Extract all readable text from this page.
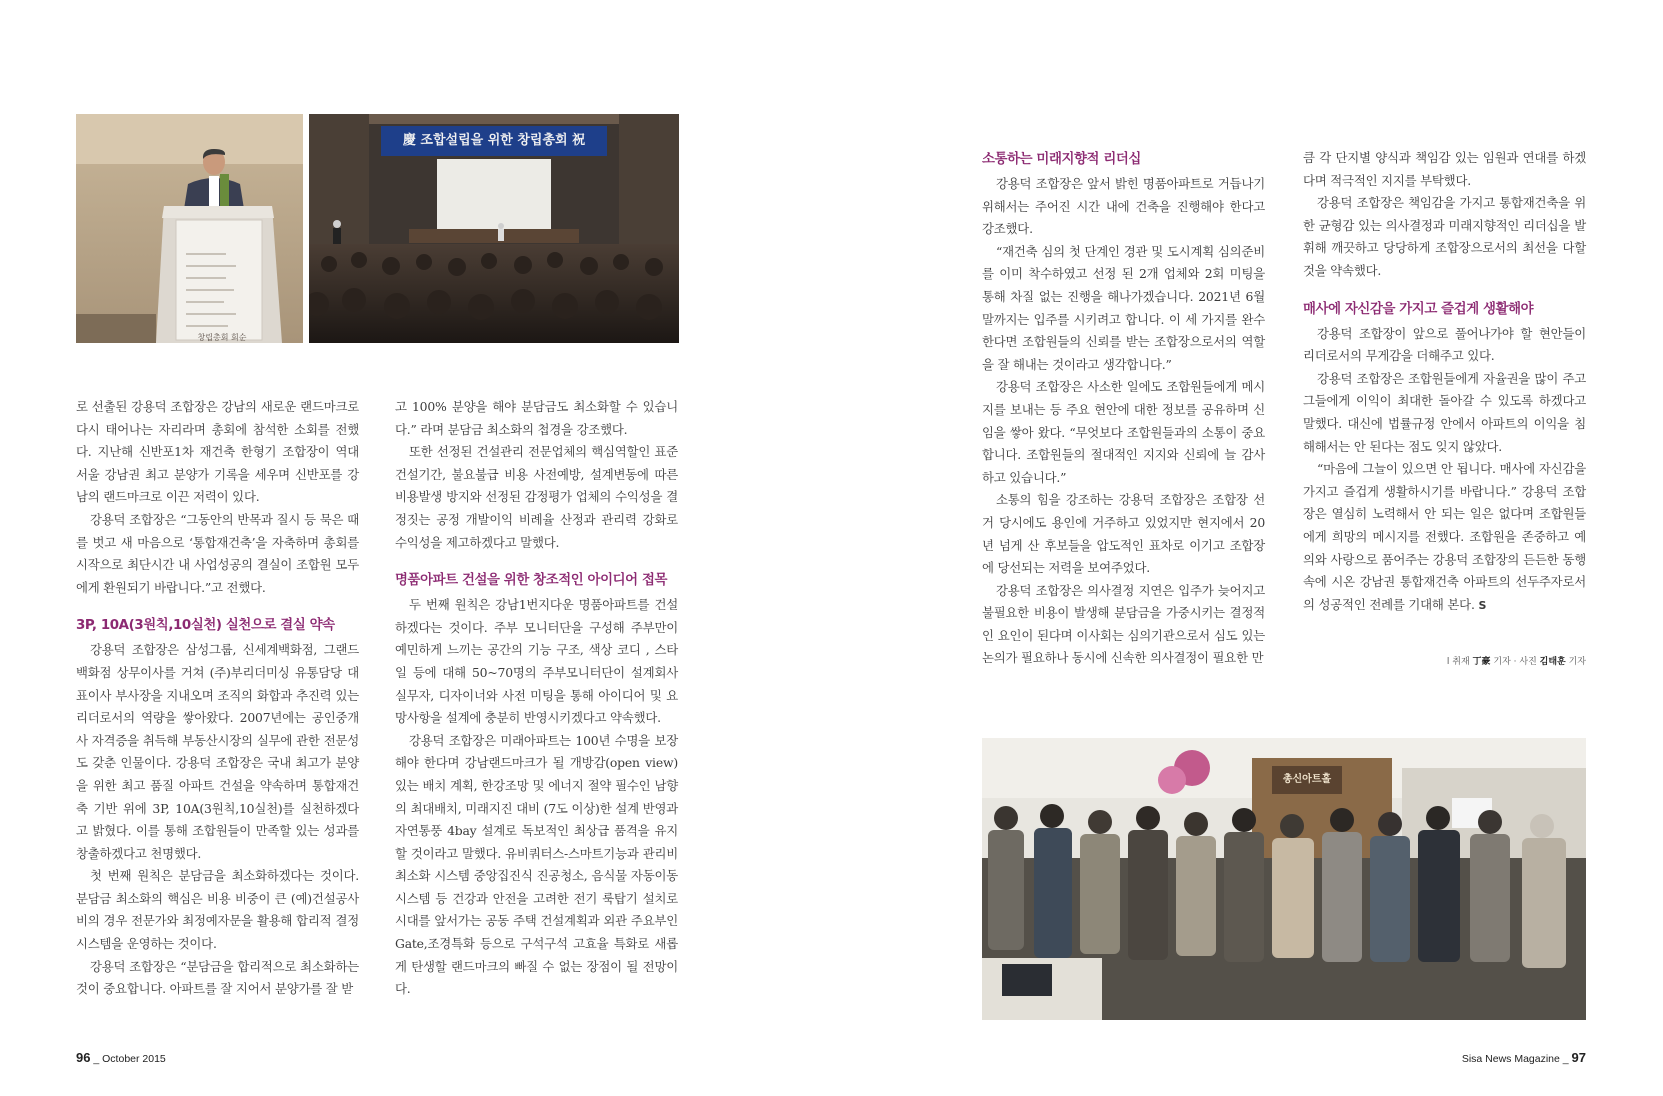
창립총회 회순
慶 조합설립을 위한 창립총회 祝
총신아트홀

로 선출된 강용덕 조합장은 강남의 새로운 랜드마크로 다시 태어나는 자리라며 총회에 참석한 소회를 전했다. 지난해 신반포1차 재건축 한형기 조합장이 역대 서울 강남권 최고 분양가 기록을 세우며 신반포를 강남의 랜드마크로 이끈 저력이 있다.

강용덕 조합장은 “그동안의 반목과 질시 등 묵은 때를 벗고 새 마음으로 ‘통합재건축’을 자축하며 총회를 시작으로 최단시간 내 사업성공의 결실이 조합원 모두에게 환원되기 바랍니다.”고 전했다.

3P, 10A(3원칙,10실천) 실천으로 결실 약속

강용덕 조합장은 삼성그룹, 신세계백화점, 그랜드백화점 상무이사를 거쳐 (주)부리더미싱 유통담당 대표이사 부사장을 지내오며 조직의 화합과 추진력 있는 리더로서의 역량을 쌓아왔다. 2007년에는 공인중개사 자격증을 취득해 부동산시장의 실무에 관한 전문성도 갖춘 인물이다. 강용덕 조합장은 국내 최고가 분양을 위한 최고 품질 아파트 건설을 약속하며 통합재건축 기반 위에 3P, 10A(3원칙,10실천)를 실천하겠다고 밝혔다. 이를 통해 조합원들이 만족할 있는 성과를 창출하겠다고 천명했다.

첫 번째 원칙은 분담금을 최소화하겠다는 것이다. 분담금 최소화의 핵심은 비용 비중이 큰 (예)건설공사비의 경우 전문가와 최정예자문을 활용해 합리적 결정시스템을 운영하는 것이다.

강용덕 조합장은 “분담금을 합리적으로 최소화하는 것이 중요합니다. 아파트를 잘 지어서 분양가를 잘 받

고 100% 분양을 해야 분담금도 최소화할 수 있습니다.” 라며 분담금 최소화의 첩경을 강조했다.

또한 선정된 건설관리 전문업체의 핵심역할인 표준건설기간, 불요불급 비용 사전예방, 설계변동에 따른 비용발생 방지와 선정된 감정평가 업체의 수익성을 결정짓는 공정 개발이익 비례율 산정과 관리력 강화로 수익성을 제고하겠다고 말했다.

명품아파트 건설을 위한 창조적인 아이디어 접목

두 번째 원칙은 강남1번지다운 명품아파트를 건설하겠다는 것이다. 주부 모니터단을 구성해 주부만이 예민하게 느끼는 공간의 기능 구조, 색상 코디 , 스타일 등에 대해 50~70명의 주부모니터단이 설계회사 실무자, 디자이너와 사전 미팅을 통해 아이디어 및 요망사항을 설계에 충분히 반영시키겠다고 약속했다.

강용덕 조합장은 미래아파트는 100년 수명을 보장해야 한다며 강남랜드마크가 될 개방감(open view) 있는 배치 계획, 한강조망 및 에너지 절약 필수인 남향의 최대배치, 미래지진 대비 (7도 이상)한 설계 반영과 자연통풍 4bay 설계로 독보적인 최상급 품격을 유지할 것이라고 말했다. 유비쿼터스-스마트기능과 관리비 최소화 시스템 중앙집진식 진공청소, 음식물 자동이동 시스템 등 건강과 안전을 고려한 전기 룩탑기 설치로 시대를 앞서가는 공동 주택 건설계획과 외관 주요부인 Gate,조경특화 등으로 구석구석 고효율 특화로 새롭게 탄생할 랜드마크의 빠질 수 없는 장점이 될 전망이다.

소통하는 미래지향적 리더십

강용덕 조합장은 앞서 밝힌 명품아파트로 거듭나기 위해서는 주어진 시간 내에 건축을 진행해야 한다고 강조했다.

“재건축 심의 첫 단계인 경관 및 도시계획 심의준비를 이미 착수하였고 선정 된 2개 업체와 2회 미팅을 통해 차질 없는 진행을 해나가겠습니다. 2021년 6월말까지는 입주를 시키려고 합니다. 이 세 가지를 완수한다면 조합원들의 신뢰를 받는 조합장으로서의 역할을 잘 해내는 것이라고 생각합니다.”

강용덕 조합장은 사소한 일에도 조합원들에게 메시지를 보내는 등 주요 현안에 대한 정보를 공유하며 신임을 쌓아 왔다. “무엇보다 조합원들과의 소통이 중요합니다. 조합원들의 절대적인 지지와 신뢰에 늘 감사하고 있습니다.”

소통의 힘을 강조하는 강용덕 조합장은 조합장 선거 당시에도 용인에 거주하고 있었지만 현지에서 20년 넘게 산 후보들을 압도적인 표차로 이기고 조합장에 당선되는 저력을 보여주었다.

강용덕 조합장은 의사결정 지연은 입주가 늦어지고 불필요한 비용이 발생해 분담금을 가중시키는 결정적인 요인이 된다며 이사회는 심의기관으로서 심도 있는 논의가 필요하나 동시에 신속한 의사결정이 필요한 만

큼 각 단지별 양식과 책임감 있는 임원과 연대를 하겠다며 적극적인 지지를 부탁했다.

강용덕 조합장은 책임감을 가지고 통합재건축을 위한 균형감 있는 의사결정과 미래지향적인 리더십을 발휘해 깨끗하고 당당하게 조합장으로서의 최선을 다할 것을 약속했다.

매사에 자신감을 가지고 즐겁게 생활해야

강용덕 조합장이 앞으로 풀어나가야 할 현안들이 리더로서의 무게감을 더해주고 있다.

강용덕 조합장은 조합원들에게 자율권을 많이 주고 그들에게 이익이 최대한 돌아갈 수 있도록 하겠다고 말했다. 대신에 법률규정 안에서 아파트의 이익을 침해해서는 안 된다는 점도 잊지 않았다.

“마음에 그늘이 있으면 안 됩니다. 매사에 자신감을 가지고 즐겁게 생활하시기를 바랍니다.” 강용덕 조합장은 열심히 노력해서 안 되는 일은 없다며 조합원들에게 희망의 메시지를 전했다. 조합원을 존중하고 예의와 사랑으로 품어주는 강용덕 조합장의 든든한 동행 속에 시온 강남권 통합재건축 아파트의 선두주자로서의 성공적인 전례를 기대해 본다. S

l 취재 丁豪 기자 · 사진 김태훈 기자
96 _ October 2015	Sisa News Magazine _ 97
